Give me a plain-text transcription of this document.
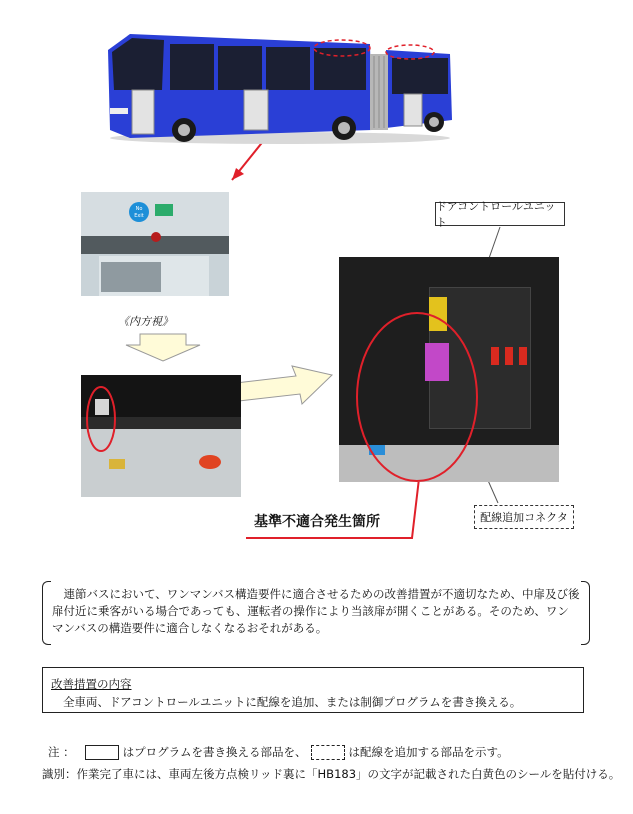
No
Exit
《内方視》
ドアコントロールユニット
配線追加コネクタ
基準不適合発生箇所
連節バスにおいて、ワンマンバス構造要件に適合させるための改善措置が不適切なため、中扉及び後扉付近に乗客がいる場合であっても、運転者の操作により当該扉が開くことがある。そのため、ワンマンバスの構造要件に適合しなくなるおそれがある。
改善措置の内容
全車両、ドアコントロールユニットに配線を追加、または制御プログラムを書き換える。
注 ：	はプログラムを書き換える部品を、	は配線を追加する部品を示す。
識別：作業完了車には、車両左後方点検リッド裏に「HB183」の文字が記載された白黄色のシールを貼付ける。
